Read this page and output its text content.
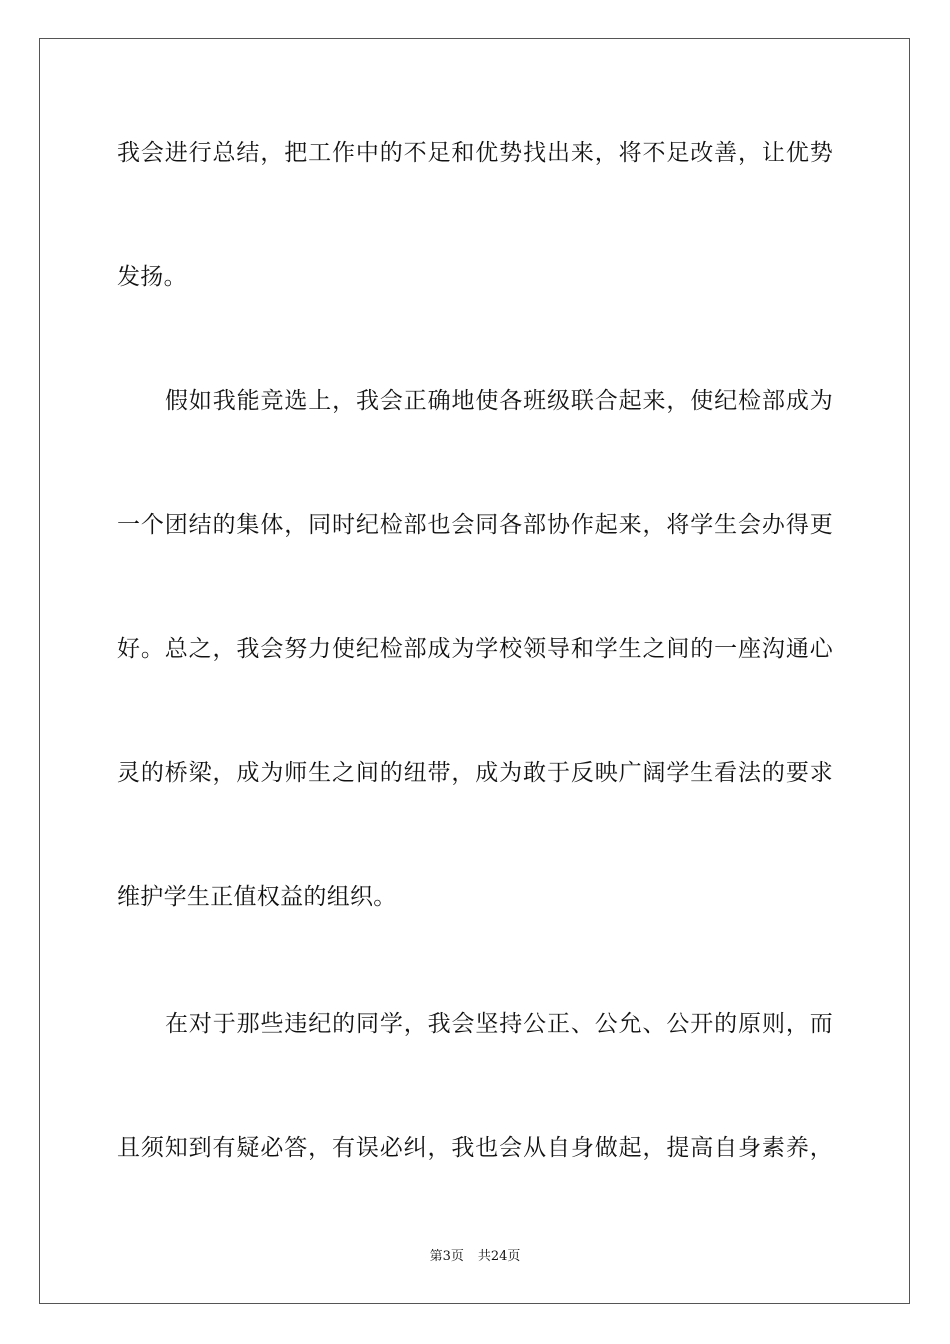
我会进行总结，把工作中的不足和优势找出来，将不足改善，让优势
发扬。
假如我能竞选上，我会正确地使各班级联合起来，使纪检部成为
一个团结的集体，同时纪检部也会同各部协作起来，将学生会办得更
好。总之，我会努力使纪检部成为学校领导和学生之间的一座沟通心
灵的桥梁，成为师生之间的纽带，成为敢于反映广阔学生看法的要求
维护学生正值权益的组织。
在对于那些违纪的同学，我会坚持公正、公允、公开的原则，而
且须知到有疑必答，有误必纠，我也会从自身做起，提高自身素养，
第3页 共24页
